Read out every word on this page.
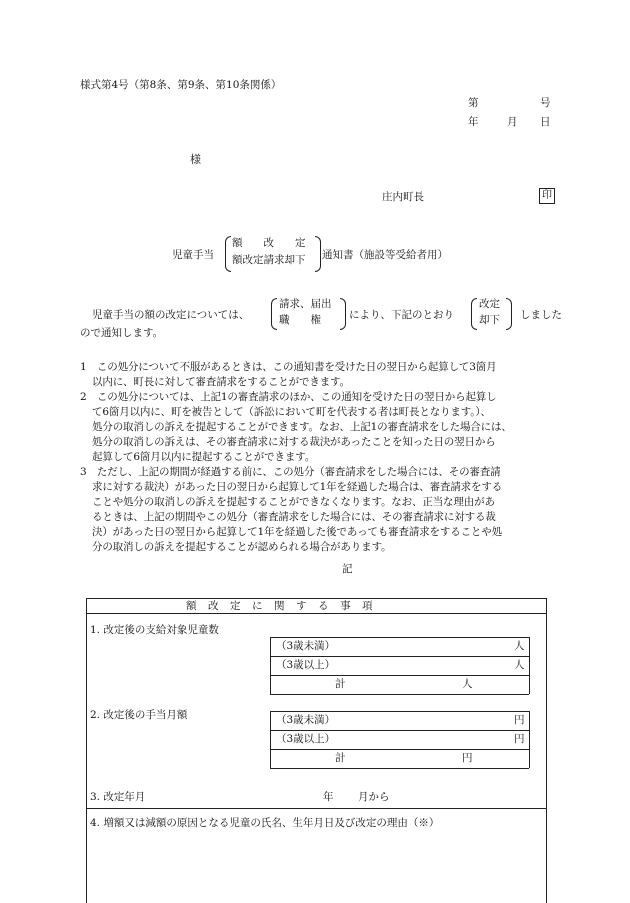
様式第4号（第8条、第9条、第10条関係）
第	号
年	月 日
様
庄内町長	印
児童手当
額　　改　　定
額改定請求却下 通知書（施設等受給者用）
児童手当の額の改定については、
請求、届出
職　　権	により、下記のとおり
改定
却下 しました
ので通知します。
1　この処分について不服があるときは、この通知書を受けた日の翌日から起算して3箇月
以内に、町長に対して審査請求をすることができます。
2　この処分については、上記1の審査請求のほか、この通知を受けた日の翌日から起算し
て6箇月以内に、町を被告として（訴訟において町を代表する者は町長となります。）、
処分の取消しの訴えを提起することができます。なお、上記1の審査請求をした場合には、
処分の取消しの訴えは、その審査請求に対する裁決があったことを知った日の翌日から
起算して6箇月以内に提起することができます。
3　ただし、上記の期間が経過する前に、この処分（審査請求をした場合には、その審査請
求に対する裁決）があった日の翌日から起算して1年を経過した場合は、審査請求をする
ことや処分の取消しの訴えを提起することができなくなります。なお、正当な理由があ
るときは、上記の期間やこの処分（審査請求をした場合には、その審査請求に対する裁
決）があった日の翌日から起算して1年を経過した後であっても審査請求をすることや処
分の取消しの訴えを提起することが認められる場合があります。
記
額　改　定　に　関　す　る　事　項
1. 改定後の支給対象児童数
（3歳未満）	人
（3歳以上）	人
計	人
2. 改定後の手当月額	（3歳未満）	円
（3歳以上）	円
計	円
3. 改定年月	年 月から
4. 増額又は減額の原因となる児童の氏名、生年月日及び改定の理由（※）
